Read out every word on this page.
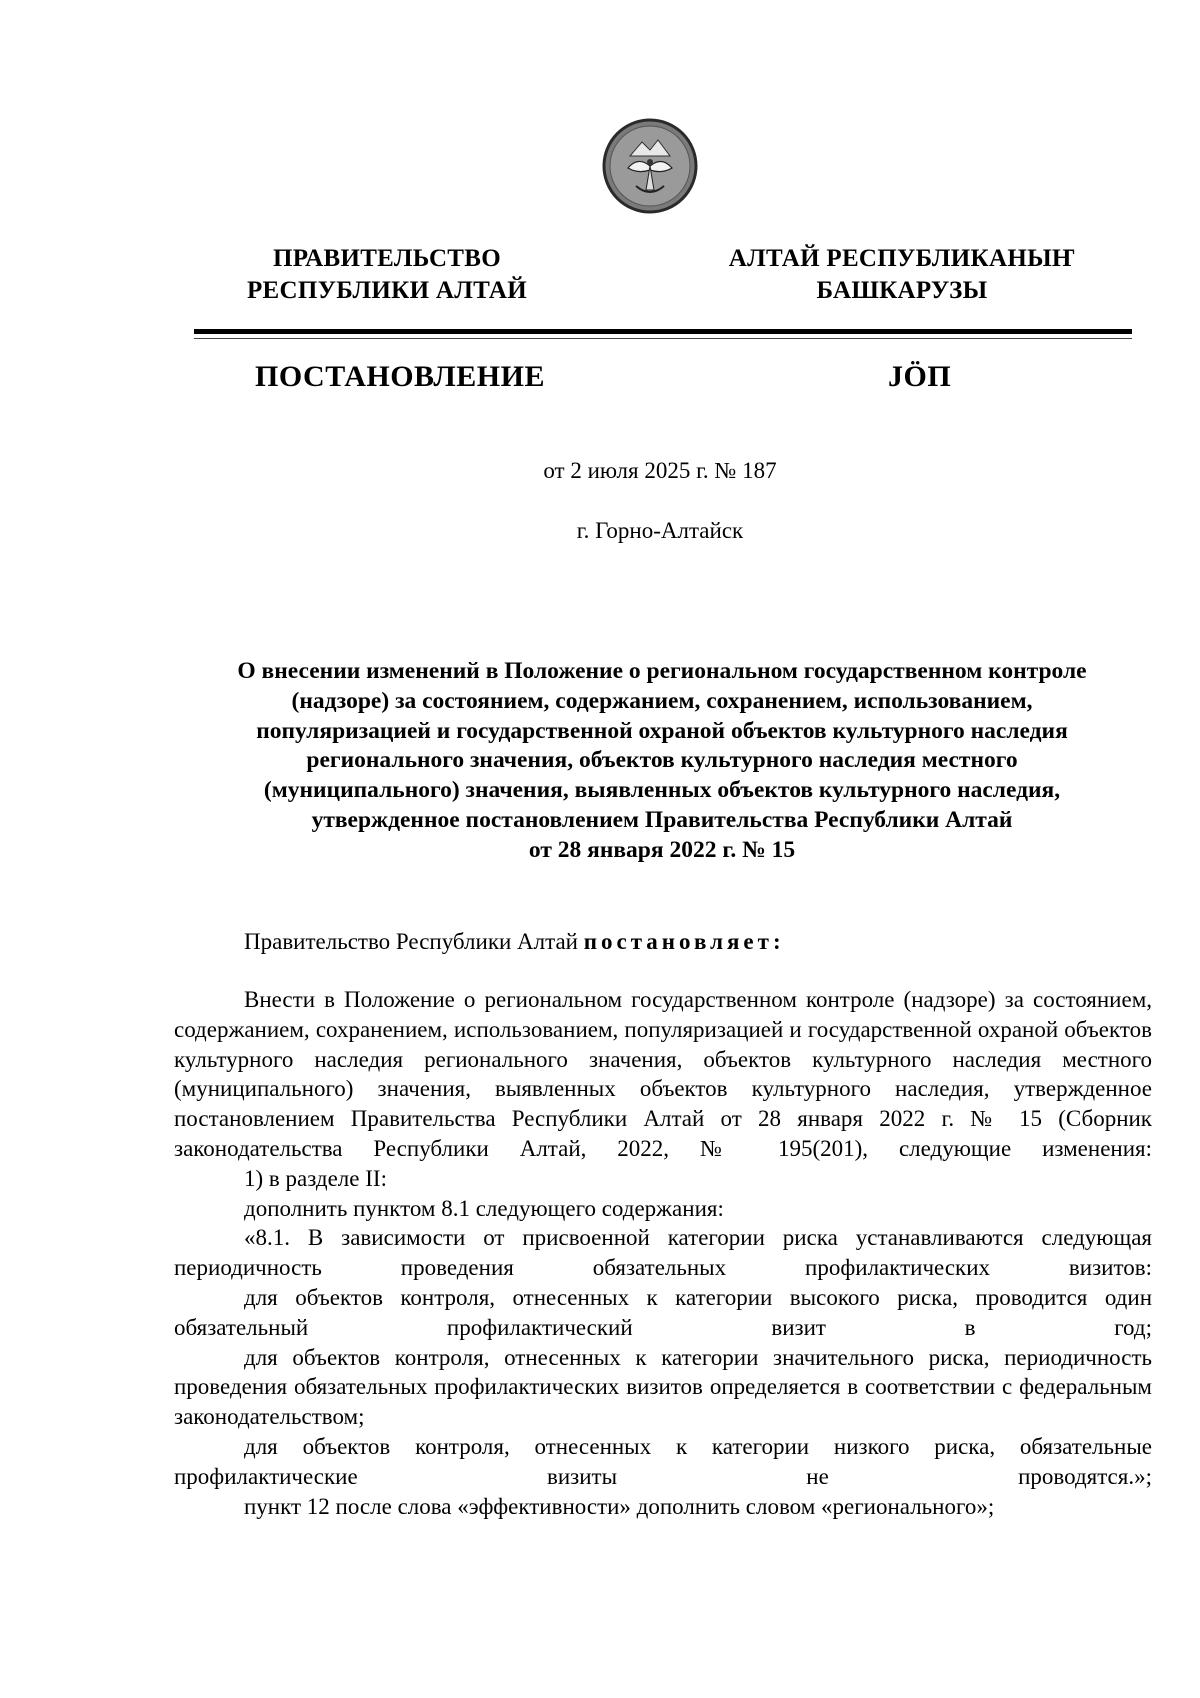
ПРАВИТЕЛЬСТВО
РЕСПУБЛИКИ АЛТАЙ
АЛТАЙ РЕСПУБЛИКАНЫҤ
БАШКАРУЗЫ
ПОСТАНОВЛЕНИЕ	JÖП
от 2 июля 2025 г. № 187
г. Горно-Алтайск
О внесении изменений в Положение о региональном государственном контроле
(надзоре) за состоянием, содержанием, сохранением, использованием,
популяризацией и государственной охраной объектов культурного наследия
регионального значения, объектов культурного наследия местного
(муниципального) значения, выявленных объектов культурного наследия,
утвержденное постановлением Правительства Республики Алтай
от 28 января 2022 г. № 15
Правительство Республики Алтай постановляет:

Внести в Положение о региональном государственном контроле (надзоре) за состоянием, содержанием, сохранением, использованием, популяризацией и государственной охраной объектов культурного наследия регионального значения, объектов культурного наследия местного (муниципального) значения, выявленных объектов культурного наследия, утвержденное постановлением Правительства Республики Алтай от 28 января 2022 г. № 15 (Сборник законодательства Республики Алтай, 2022, № 195(201), следующие изменения:

1) в разделе II:

дополнить пунктом 8.1 следующего содержания:

«8.1. В зависимости от присвоенной категории риска устанавливаются следующая периодичность проведения обязательных профилактических визитов:

для объектов контроля, отнесенных к категории высокого риска, проводится один обязательный профилактический визит в год;

для объектов контроля, отнесенных к категории значительного риска, периодичность проведения обязательных профилактических визитов определяется в соответствии с федеральным законодательством;

для объектов контроля, отнесенных к категории низкого риска, обязательные профилактические визиты не проводятся.»;

пункт 12 после слова «эффективности» дополнить словом «регионального»;
